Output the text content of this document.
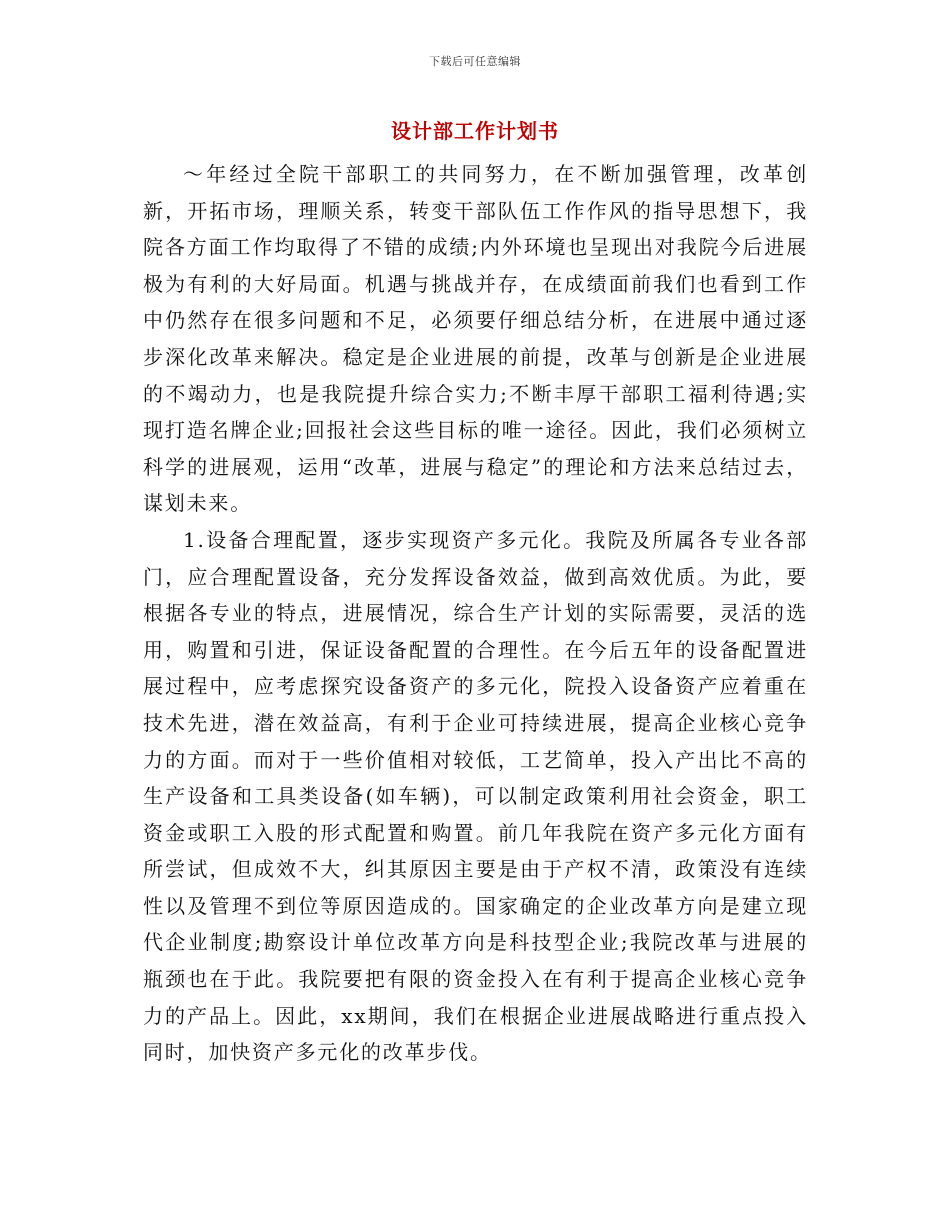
下载后可任意编辑
设计部工作计划书

～年经过全院干部职工的共同努力，在不断加强管理，改革创新，开拓市场，理顺关系，转变干部队伍工作作风的指导思想下，我院各方面工作均取得了不错的成绩;内外环境也呈现出对我院今后进展极为有利的大好局面。机遇与挑战并存，在成绩面前我们也看到工作中仍然存在很多问题和不足，必须要仔细总结分析，在进展中通过逐步深化改革来解决。稳定是企业进展的前提，改革与创新是企业进展的不竭动力，也是我院提升综合实力;不断丰厚干部职工福利待遇;实现打造名牌企业;回报社会这些目标的唯一途径。因此，我们必须树立科学的进展观，运用“改革，进展与稳定”的理论和方法来总结过去，谋划未来。

1.设备合理配置，逐步实现资产多元化。我院及所属各专业各部门，应合理配置设备，充分发挥设备效益，做到高效优质。为此，要根据各专业的特点，进展情况，综合生产计划的实际需要，灵活的选用，购置和引进，保证设备配置的合理性。在今后五年的设备配置进展过程中，应考虑探究设备资产的多元化，院投入设备资产应着重在技术先进，潜在效益高，有利于企业可持续进展，提高企业核心竞争力的方面。而对于一些价值相对较低，工艺简单，投入产出比不高的生产设备和工具类设备(如车辆)，可以制定政策利用社会资金，职工资金或职工入股的形式配置和购置。前几年我院在资产多元化方面有所尝试，但成效不大，纠其原因主要是由于产权不清，政策没有连续性以及管理不到位等原因造成的。国家确定的企业改革方向是建立现代企业制度;勘察设计单位改革方向是科技型企业;我院改革与进展的瓶颈也在于此。我院要把有限的资金投入在有利于提高企业核心竞争力的产品上。因此，xx期间，我们在根据企业进展战略进行重点投入同时，加快资产多元化的改革步伐。
